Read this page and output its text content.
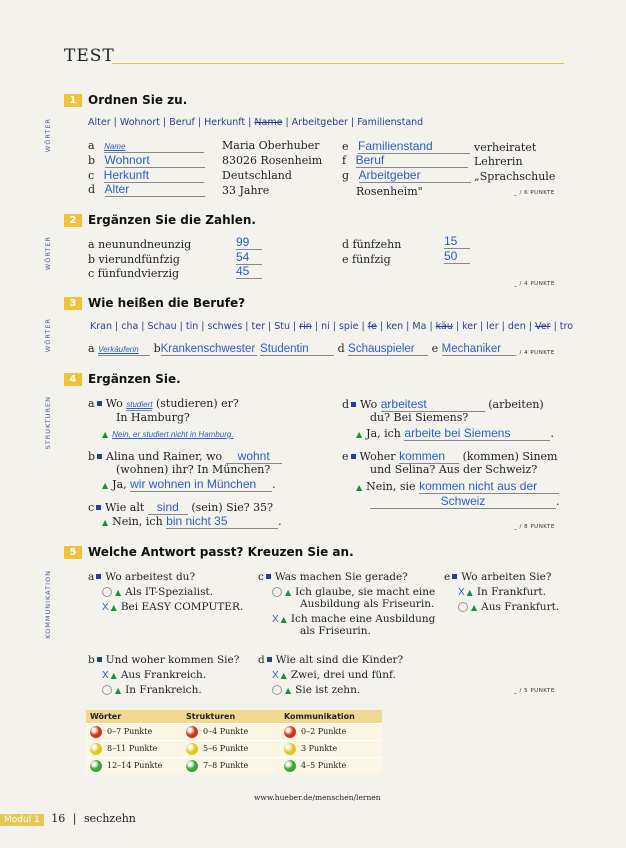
TEST
1 Ordnen Sie zu.
WÖRTER	Alter | Wohnort | Beruf | Herkunft | Name | Arbeitgeber | Familienstand
a Name	Maria Oberhuber
b Wohnort	83026 Rosenheim
c Herkunft	Deutschland
d Alter	33 Jahre
e Familienstand	verheiratet
f Beruf	Lehrerin
g Arbeitgeber	„Sprachschule
Rosenheim"	_ / 6 PUNKTE
2 Ergänzen Sie die Zahlen.
WÖRTER	a neunundneunzig	99
b vierundfünfzig	54
c fünfundvierzig	45
d fünfzehn	15
e fünfzig	50
_ / 4 PUNKTE
3 Wie heißen die Berufe?
WÖRTER	Kran | cha | Schau | tin | schwes | ter | Stu | rin | ni | spie | fe | ken | Ma | käu | ker | ler | den | Ver | tro
a Verkäuferin bKrankenschwester Studentin	d Schauspieler e Mechaniker	_ / 4 PUNKTE
4 Ergänzen Sie.
STRUKTUREN	a Wo studiert (studieren) er?
In Hamburg?
▲ Nein, er studiert nicht in Hamburg.
b Alina und Rainer, wo wohnt
(wohnen) ihr? In München?
▲ Ja, wir wohnen in München .
c Wie alt sind (sein) Sie? 35?
▲ Nein, ich bin nicht 35	.
d Wo arbeitest	(arbeiten)
du? Bei Siemens?
▲ Ja, ich arbeite bei Siemens	.
e Woher kommen (kommen) Sinem
und Selina? Aus der Schweiz?
▲ Nein, sie kommen nicht aus der
Schweiz	.
_ / 8 PUNKTE
5 Welche Antwort passt? Kreuzen Sie an.
KOMMUNIKATION	a Wo arbeitest du?
▲ Als IT-Spezialist.
X ▲ Bei EASY COMPUTER.
c Was machen Sie gerade?
▲ Ich glaube, sie macht eine
Ausbildung als Friseurin.
X ▲ Ich mache eine Ausbildung
als Friseurin.
e Wo arbeiten Sie?
X ▲ In Frankfurt.
▲ Aus Frankfurt.
b Und woher kommen Sie?
X ▲ Aus Frankreich.
▲ In Frankreich.
d Wie alt sind die Kinder?
X ▲ Zwei, drei und fünf.
▲ Sie ist zehn.	_ / 5 PUNKTE
Wörter	Strukturen	Kommunikation
0–7 Punkte	0–4 Punkte	0–2 Punkte
8–11 Punkte	5–6 Punkte	3 Punkte
12–14 Punkte	7–8 Punkte	4–5 Punkte
www.hueber.de/menschen/lernen
Modul 1 16 | sechzehn
